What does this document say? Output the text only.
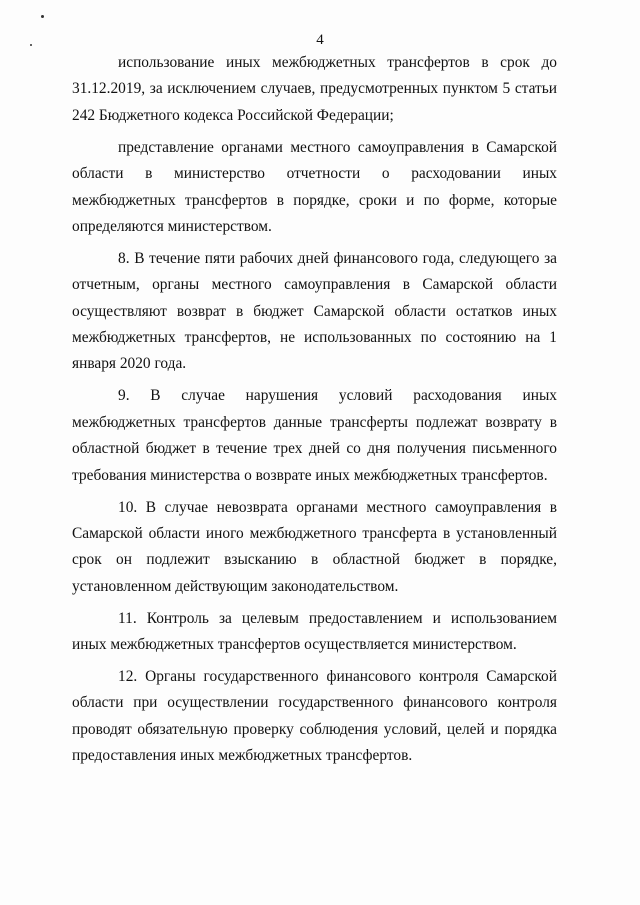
4

использование иных межбюджетных трансфертов в срок до 31.12.2019, за исключением случаев, предусмотренных пунктом 5 статьи 242 Бюджетного кодекса Российской Федерации;

представление органами местного самоуправления в Самарской области в министерство отчетности о расходовании иных межбюджетных трансфертов в порядке, сроки и по форме, которые определяются министерством.

8. В течение пяти рабочих дней финансового года, следующего за отчетным, органы местного самоуправления в Самарской области осуществляют возврат в бюджет Самарской области остатков иных межбюджетных трансфертов, не использованных по состоянию на 1 января 2020 года.

9. В случае нарушения условий расходования иных межбюджетных трансфертов данные трансферты подлежат возврату в областной бюджет в течение трех дней со дня получения письменного требования министерства о возврате иных межбюджетных трансфертов.

10. В случае невозврата органами местного самоуправления в Самарской области иного межбюджетного трансферта в установленный срок он подлежит взысканию в областной бюджет в порядке, установленном действующим законодательством.

11. Контроль за целевым предоставлением и использованием иных межбюджетных трансфертов осуществляется министерством.

12. Органы государственного финансового контроля Самарской области при осуществлении государственного финансового контроля проводят обязательную проверку соблюдения условий, целей и порядка предоставления иных межбюджетных трансфертов.
